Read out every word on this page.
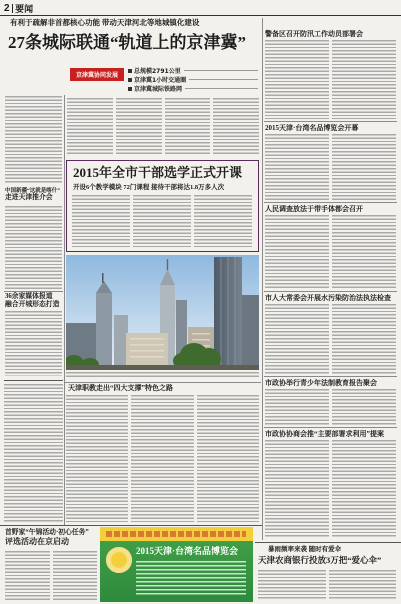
2 要闻
有利于疏解非首都核心功能 带动天津河北等地城镇化建设
27条城际联通“轨道上的京津冀”
京津冀协同发展
总规模2791公里
京津冀1小时交通圈
京津冀城际铁路网
中国新疆“这就是喀什”
走进天津推介会
36余家媒体报道
融合开城形态打造
2015年全市干部选学正式开课
开设6个教学模块 72门课程 接待干部将达1.8万多人次
天津职教走出“四大支撑”特色之路
警备区召开防汛工作动员部署会
2015天津·台湾名品博览会开幕
人民调查放法于带手体都会召开
市人大常委会开展水污染防治法执法检查
市政协举行青少年法制教育报告聚会
市政协协商会推“主要部署求利用”提案
首野家“午锦活动·初心任务”
评选活动在京启动
2015天津·台湾名品博览会	暴雨频率来袭 随时有爱伞
天津农商银行投放3万把“爱心伞”
